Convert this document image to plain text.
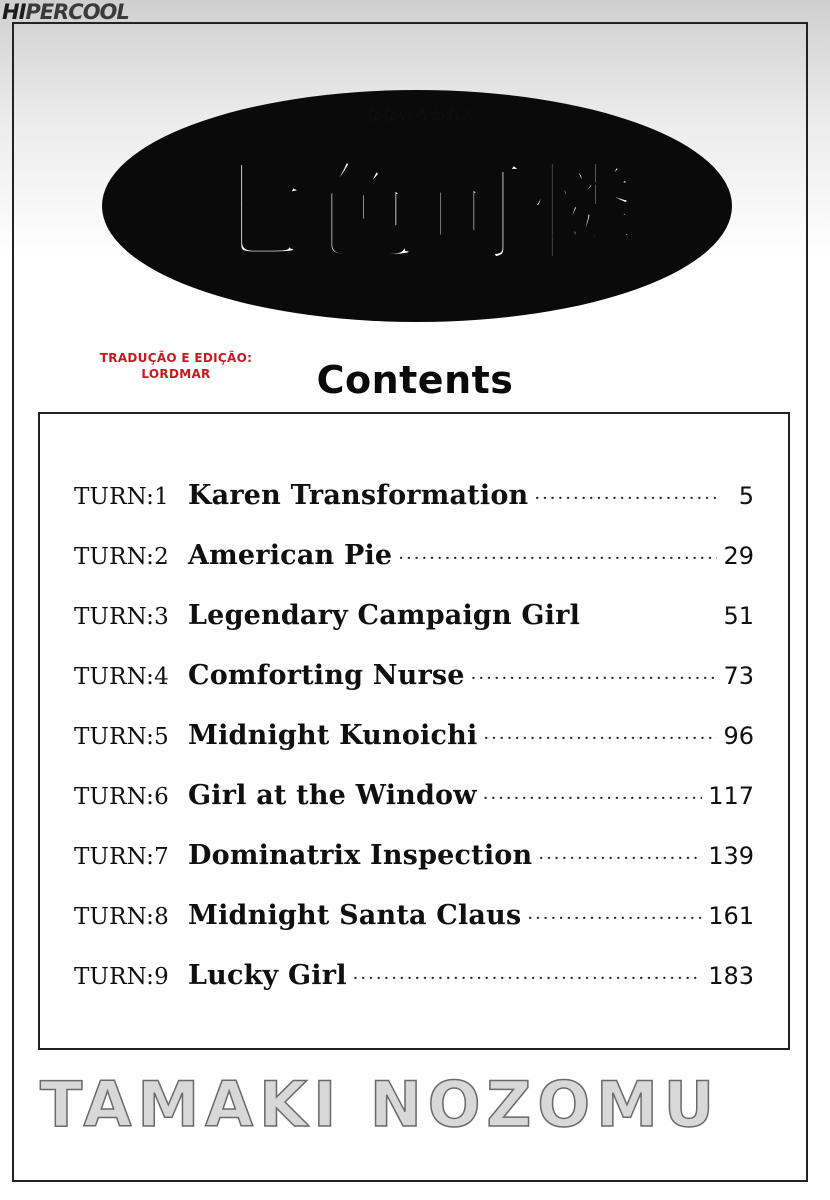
HIPERCOOL
なないろかれん
七色可憐
TRADUÇÃO E EDIÇÃO:
LORDMAR	Contents
TURN:1 Karen Transformation ·····	5
TURN:2 American Pie ·····	29
TURN:3 Legendary Campaign Girl	51
TURN:4 Comforting Nurse ·····	73
TURN:5 Midnight Kunoichi ·····	96
TURN:6 Girl at the Window ·····	117
TURN:7 Dominatrix Inspection ·····	139
TURN:8 Midnight Santa Claus ·····	161
TURN:9 Lucky Girl ·····	183
TAMAKI NOZOMU
